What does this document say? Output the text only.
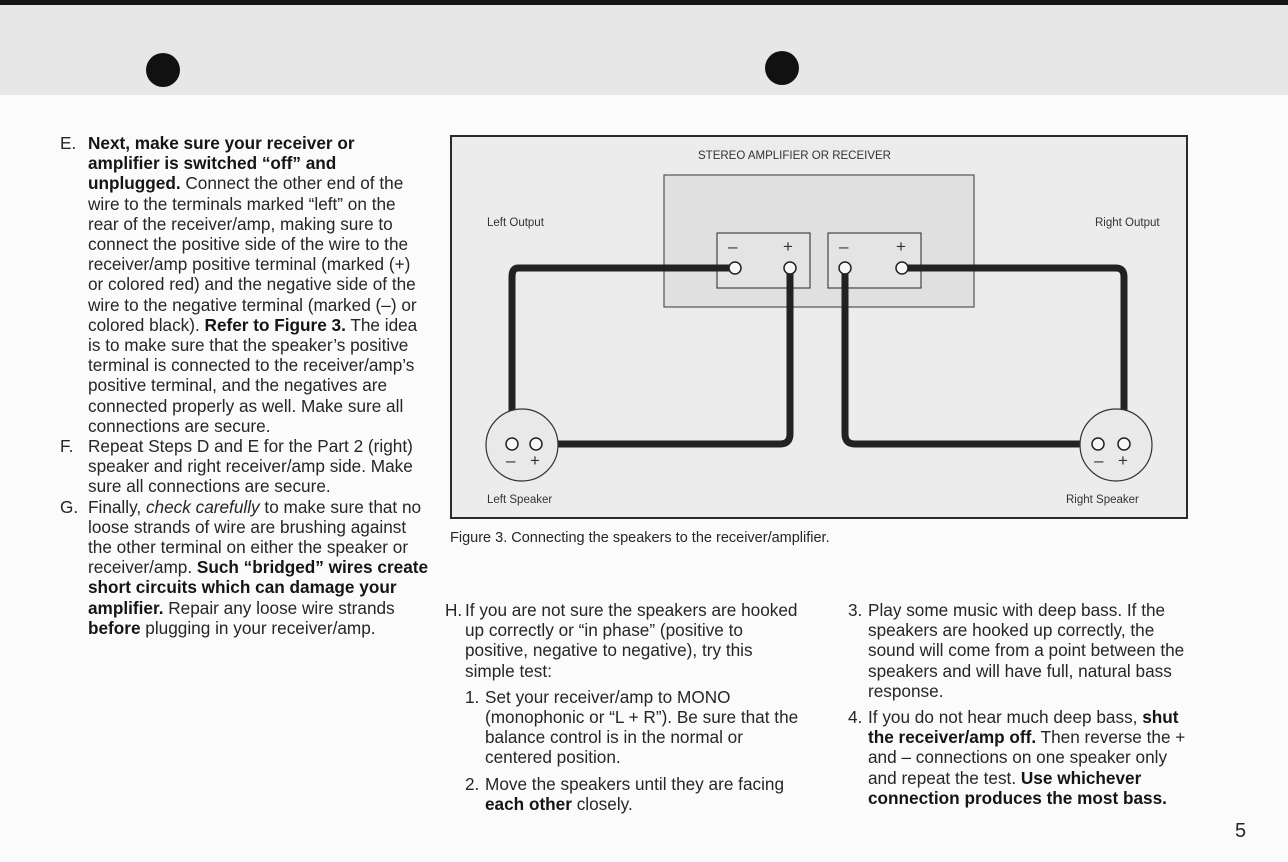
E. Next, make sure your receiver or amplifier is switched “off” and unplugged. Connect the other end of the wire to the terminals marked “left” on the rear of the receiver/amp, making sure to connect the positive side of the wire to the receiver/amp positive terminal (marked (+) or colored red) and the negative side of the wire to the negative terminal (marked (–) or colored black). Refer to Figure 3. The idea is to make sure that the speaker’s positive terminal is connected to the receiver/amp’s positive terminal, and the negatives are connected properly as well. Make sure all connections are secure.
F. Repeat Steps D and E for the Part 2 (right) speaker and right receiver/amp side. Make sure all connections are secure.
G. Finally, check carefully to make sure that no loose strands of wire are brushing against the other terminal on either the speaker or receiver/amp. Such “bridged” wires create short circuits which can damage your amplifier. Repair any loose wire strands before plugging in your receiver/amp.
STEREO AMPLIFIER OR RECEIVER
Left Output	Right Output
Left Speaker	Right Speaker
–	+	–	+
– +	– +
Figure 3. Connecting the speakers to the receiver/amplifier.
H. If you are not sure the speakers are hooked up correctly or “in phase” (positive to positive, negative to negative), try this simple test:
1. Set your receiver/amp to MONO (monophonic or “L + R”). Be sure that the balance control is in the normal or centered position.
2. Move the speakers until they are facing each other closely.
3. Play some music with deep bass. If the speakers are hooked up correctly, the sound will come from a point between the speakers and will have full, natural bass response.
4. If you do not hear much deep bass, shut the receiver/amp off. Then reverse the + and – connections on one speaker only and repeat the test. Use whichever connection produces the most bass.
5
